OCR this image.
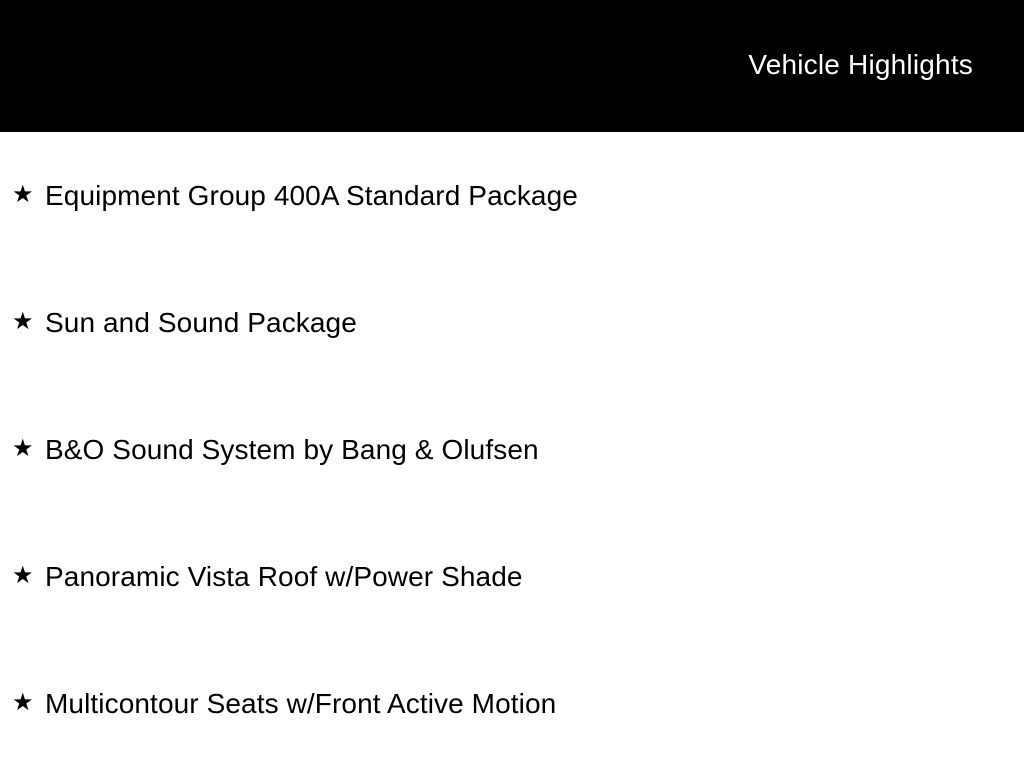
Vehicle Highlights
★ Equipment Group 400A Standard Package
★ Sun and Sound Package
★ B&O Sound System by Bang & Olufsen
★ Panoramic Vista Roof w/Power Shade
★ Multicontour Seats w/Front Active Motion
